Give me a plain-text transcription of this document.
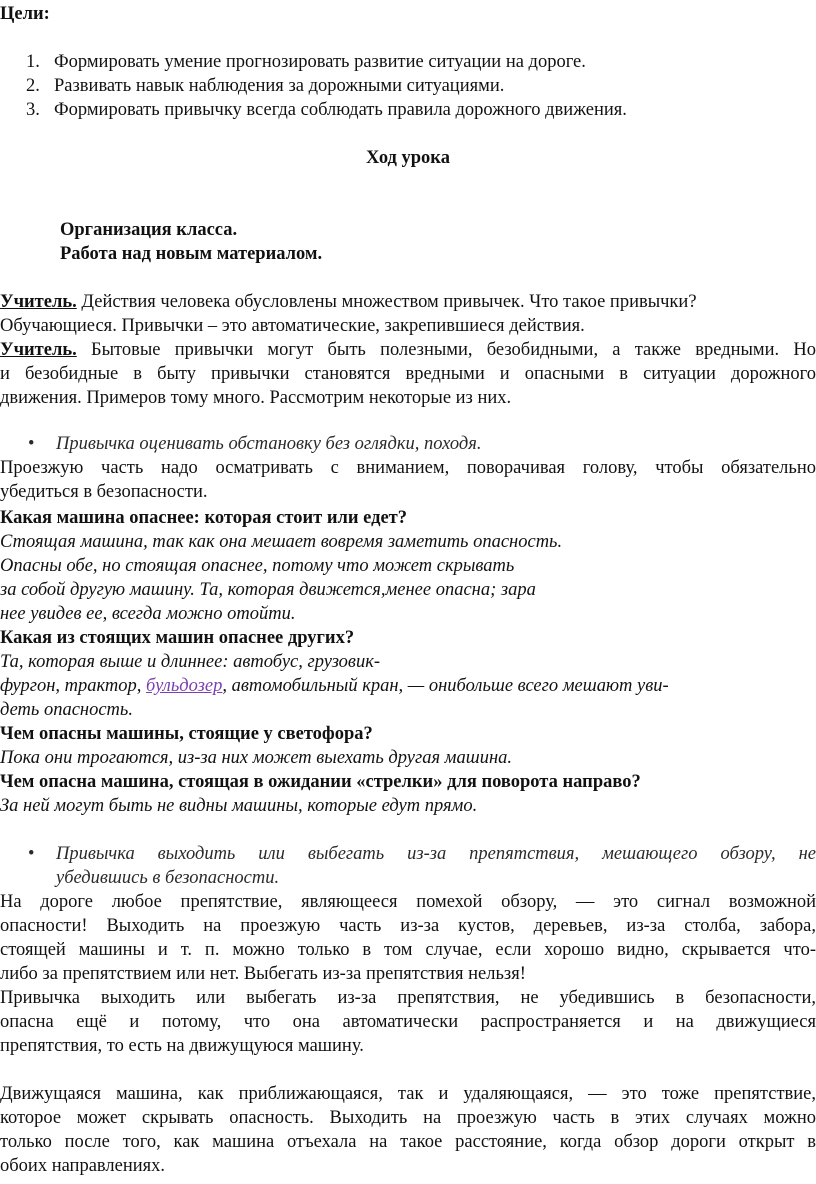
Цели:
1. Формировать умение прогнозировать развитие ситуации на дороге.
2. Развивать навык наблюдения за дорожными ситуациями.
3. Формировать привычку всегда соблюдать правила дорожного движения.
Ход урока
Организация класса.
Работа над новым материалом.
Учитель. Действия человека обусловлены множеством привычек. Что такое привычки?
Обучающиеся. Привычки – это автоматические, закрепившиеся действия.
Учитель. Бытовые привычки могут быть полезными, безобидными, а также вредными. Но
и безобидные в быту привычки становятся вредными и опасными в ситуации дорожного
движения. Примеров тому много. Рассмотрим некоторые из них.
• Привычка оценивать обстановку без оглядки, походя.
Проезжую часть надо осматривать с вниманием, поворачивая голову, чтобы обязательно
убедиться в безопасности.
Какая машина опаснее: которая стоит или едет?
Стоящая машина, так как она мешает вовремя заметить опасность.
Опасны обе, но стоящая опаснее, потому что может скрывать
за собой другую машину. Та, которая движется,менее опасна; зара
нее увидев ее, всегда можно отойти.
Какая из стоящих машин опаснее других?
Та, которая выше и длиннее: автобус, грузовик-
фургон, трактор, бульдозер, автомобильный кран, — онибольше всего мешают уви-
деть опасность.
Чем опасны машины, стоящие у светофора?
Пока они трогаются, из-за них может выехать другая машина.
Чем опасна машина, стоящая в ожидании «стрелки» для поворота направо?
За ней могут быть не видны машины, которые едут прямо.
• Привычка выходить или выбегать из-за препятствия, мешающего обзору, не
убедившись в безопасности.
На дороге любое препятствие, являющееся помехой обзору, — это сигнал возможной
опасности! Выходить на проезжую часть из-за кустов, деревьев, из-за столба, забора,
стоящей машины и т. п. можно только в том случае, если хорошо видно, скрывается что-
либо за препятствием или нет. Выбегать из-за препятствия нельзя!
Привычка выходить или выбегать из-за препятствия, не убедившись в безопасности,
опасна ещё и потому, что она автоматически распространяется и на движущиеся
препятствия, то есть на движущуюся машину.
Движущаяся машина, как приближающаяся, так и удаляющаяся, — это тоже препятствие,
которое может скрывать опасность. Выходить на проезжую часть в этих случаях можно
только после того, как машина отъехала на такое расстояние, когда обзор дороги открыт в
обоих направлениях.
